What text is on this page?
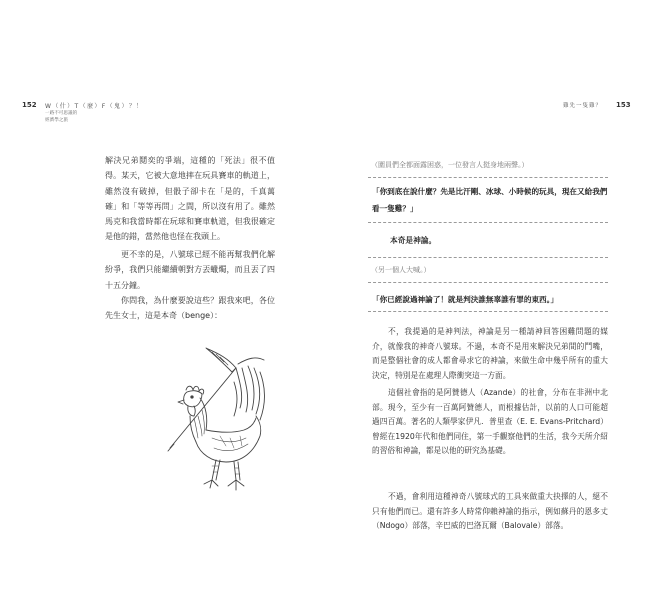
152 W（什）T（麼）F（鬼）？！
一路不可思議的
經濟學之旅
解決兄弟鬩奕的爭端，這種的「死法」很不值得。某天，它被大意地摔在玩具賽車的軌道上，雖然沒有破掉，但骰子卻卡在「是的，千真萬確」和「等等再問」之間，所以沒有用了。雖然馬克和我當時都在玩球和賽車軌道，但我很確定是他的錯，當然他也怪在我頭上。
更不幸的是，八號球已經不能再幫我們化解紛爭，我們只能繼續朝對方丟蠟燭，而且丟了四十五分鐘。
你問我，為什麼要說這些？跟我來吧，各位先生女士，這是本奇（benge）：
雞先一隻雞？ 153
（圍員們全都面露困惑，一位發言人挺身地兩聲。）
「你到底在說什麼？先是比汗剛、冰球、小時候的玩具，現在又給我們看一隻雞？」
本奇是神論。
（另一個人大喊。）
「你已經說過神論了！就是判決誰無辜誰有罪的東西。」
不，我提過的是神判法，神論是另一種請神回答困難問題的媒介，就像我的神奇八號球。不過，本奇不是用來解決兄弟間的鬥嘴，而是整個社會的成人都會尋求它的神論，來做生命中幾乎所有的重大決定，特別是在處理人際衝突這一方面。
這個社會指的是阿贊德人（Azande）的社會，分布在非洲中北部。現今，至少有一百萬阿贊德人，而根據估計，以前的人口可能超過四百萬。著名的人類學家伊凡．普里查（E. E. Evans-Pritchard）曾經在1920年代和他們同住，第一手觀察他們的生活，我今天所介紹的習俗和神論，都是以他的研究為基礎。
不過，會利用這種神奇八號球式的工具來做重大抉擇的人，絕不只有他們而已。還有許多人時常仰賴神諭的指示，例如蘇丹的恩多丈（Ndogo）部落，辛巴威的巴洛瓦爾（Balovale）部落。
